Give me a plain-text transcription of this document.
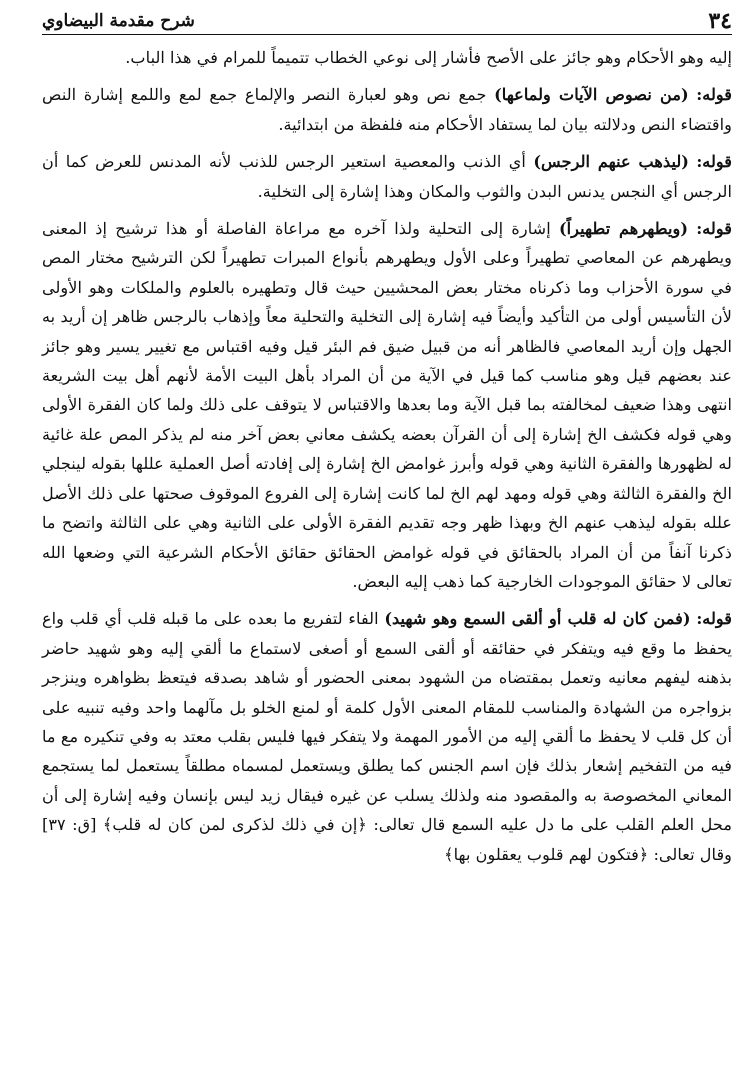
٣٤
شرح مقدمة البيضاوي

إليه وهو الأحكام وهو جائز على الأصح فأشار إلى نوعي الخطاب تتميماً للمرام في هذا الباب.

قوله: (من نصوص الآيات ولماعها) جمع نص وهو لعبارة النصر والإلماع جمع لمع واللمع إشارة النص واقتضاء النص ودلالته بيان لما يستفاد الأحكام منه فلفظة من ابتدائية.

قوله: (ليذهب عنهم الرجس) أي الذنب والمعصية استعير الرجس للذنب لأنه المدنس للعرض كما أن الرجس أي النجس يدنس البدن والثوب والمكان وهذا إشارة إلى التخلية.

قوله: (ويطهرهم تطهيراً) إشارة إلى التحلية ولذا آخره مع مراعاة الفاصلة أو هذا ترشيح إذ المعنى ويطهرهم عن المعاصي تطهيراً وعلى الأول ويطهرهم بأنواع المبرات تطهيراً لكن الترشيح مختار المص في سورة الأحزاب وما ذكرناه مختار بعض المحشيين حيث قال وتطهيره بالعلوم والملكات وهو الأولى لأن التأسيس أولى من التأكيد وأيضاً فيه إشارة إلى التخلية والتحلية معاً وإذهاب بالرجس ظاهر إن أريد به الجهل وإن أريد المعاصي فالظاهر أنه من قبيل ضيق فم البئر قيل وفيه اقتباس مع تغيير يسير وهو جائز عند بعضهم قيل وهو مناسب كما قيل في الآية من أن المراد بأهل البيت الأمة لأنهم أهل بيت الشريعة انتهى وهذا ضعيف لمخالفته بما قبل الآية وما بعدها والاقتباس لا يتوقف على ذلك ولما كان الفقرة الأولى وهي قوله فكشف الخ إشارة إلى أن القرآن بعضه يكشف معاني بعض آخر منه لم يذكر المص علة غائية له لظهورها والفقرة الثانية وهي قوله وأبرز غوامض الخ إشارة إلى إفادته أصل العملية عللها بقوله لينجلي الخ والفقرة الثالثة وهي قوله ومهد لهم الخ لما كانت إشارة إلى الفروع الموقوف صحتها على ذلك الأصل علله بقوله ليذهب عنهم الخ وبهذا ظهر وجه تقديم الفقرة الأولى على الثانية وهي على الثالثة واتضح ما ذكرنا آنفاً من أن المراد بالحقائق في قوله غوامض الحقائق حقائق الأحكام الشرعية التي وضعها الله تعالى لا حقائق الموجودات الخارجية كما ذهب إليه البعض.

قوله: (فمن كان له قلب أو ألقى السمع وهو شهيد) الفاء لتفريع ما بعده على ما قبله قلب أي قلب واع يحفظ ما وقع فيه ويتفكر في حقائقه أو ألقى السمع أو أصغى لاستماع ما ألقي إليه وهو شهيد حاضر بذهنه ليفهم معانيه وتعمل بمقتضاه من الشهود بمعنى الحضور أو شاهد بصدقه فيتعظ بظواهره وينزجر بزواجره من الشهادة والمناسب للمقام المعنى الأول كلمة أو لمنع الخلو بل مآلهما واحد وفيه تنبيه على أن كل قلب لا يحفظ ما ألقي إليه من الأمور المهمة ولا يتفكر فيها فليس بقلب معتد به وفي تنكيره مع ما فيه من التفخيم إشعار بذلك فإن اسم الجنس كما يطلق ويستعمل لمسماه مطلقاً يستعمل لما يستجمع المعاني المخصوصة به والمقصود منه ولذلك يسلب عن غيره فيقال زيد ليس بإنسان وفيه إشارة إلى أن محل العلم القلب على ما دل عليه السمع قال تعالى: ﴿إن في ذلك لذكرى لمن كان له قلب﴾ [ق: ٣٧] وقال تعالى: ﴿فتكون لهم قلوب يعقلون بها﴾
